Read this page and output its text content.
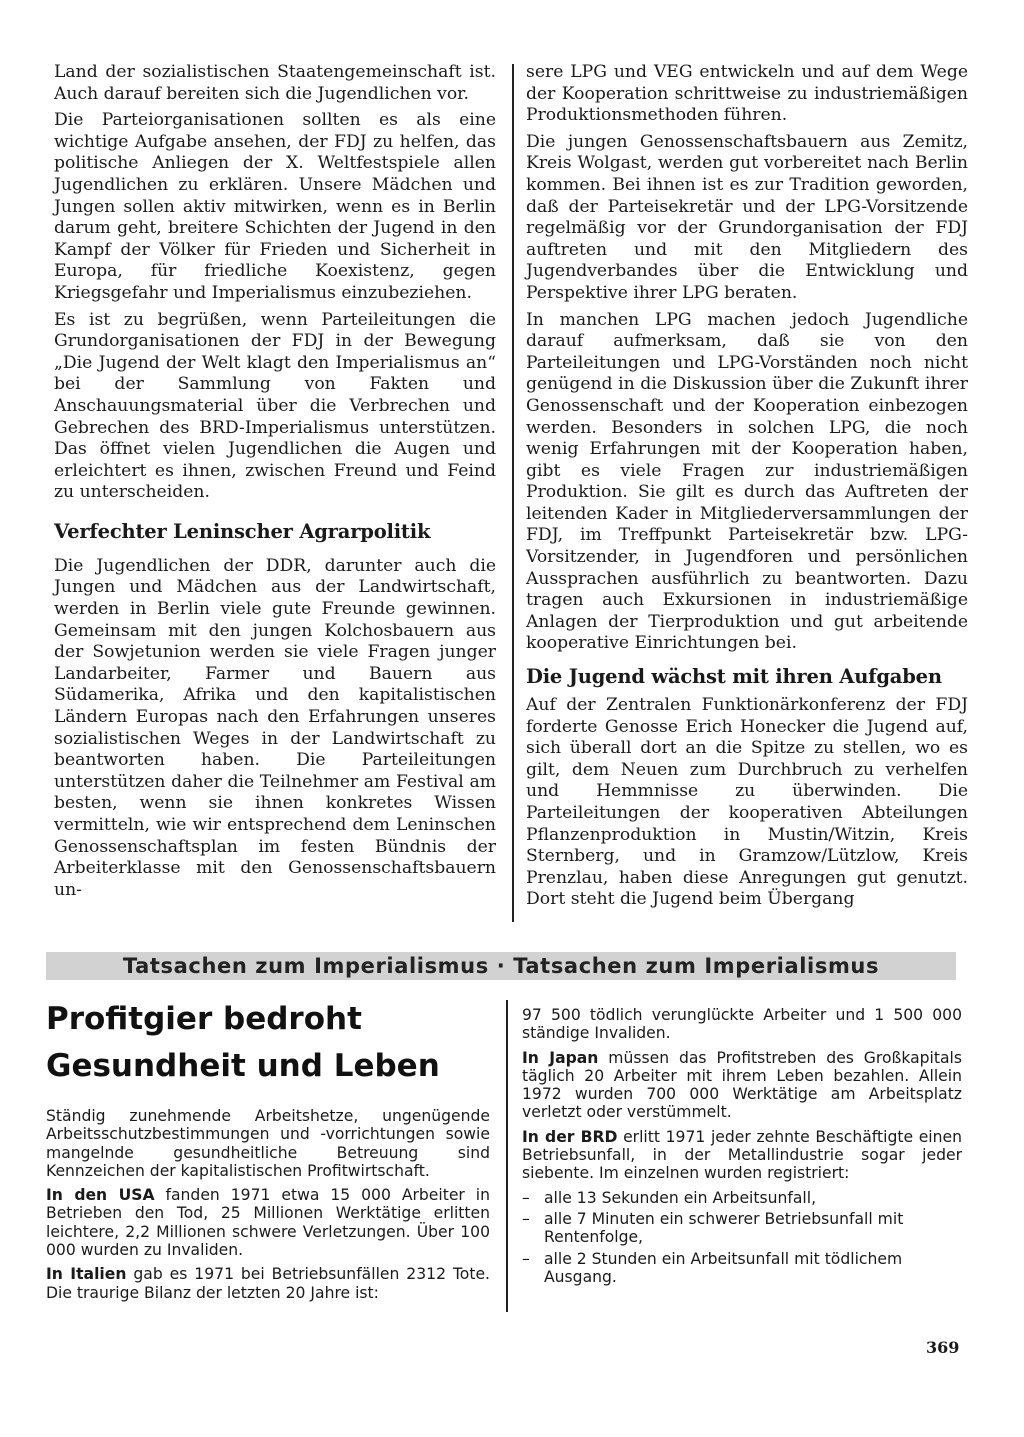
Land der sozialistischen Staatengemeinschaft ist. Auch darauf bereiten sich die Jugendlichen vor.

Die Parteiorganisationen sollten es als eine wichtige Aufgabe ansehen, der FDJ zu helfen, das politische Anliegen der X. Weltfestspiele allen Jugendlichen zu erklären. Unsere Mädchen und Jungen sollen aktiv mitwirken, wenn es in Berlin darum geht, breitere Schichten der Jugend in den Kampf der Völker für Frieden und Sicherheit in Europa, für friedliche Koexistenz, gegen Kriegsgefahr und Imperialismus einzubeziehen.

Es ist zu begrüßen, wenn Parteileitungen die Grundorganisationen der FDJ in der Bewegung „Die Jugend der Welt klagt den Imperialismus an“ bei der Sammlung von Fakten und Anschauungsmaterial über die Verbrechen und Gebrechen des BRD-Imperialismus unterstützen. Das öffnet vielen Jugendlichen die Augen und erleichtert es ihnen, zwischen Freund und Feind zu unterscheiden.

Verfechter Leninscher Agrarpolitik

Die Jugendlichen der DDR, darunter auch die Jungen und Mädchen aus der Landwirtschaft, werden in Berlin viele gute Freunde gewinnen. Gemeinsam mit den jungen Kolchosbauern aus der Sowjetunion werden sie viele Fragen junger Landarbeiter, Farmer und Bauern aus Südamerika, Afrika und den kapitalistischen Ländern Europas nach den Erfahrungen unseres sozialistischen Weges in der Landwirtschaft zu beantworten haben. Die Parteileitungen unterstützen daher die Teilnehmer am Festival am besten, wenn sie ihnen konkretes Wissen vermitteln, wie wir entsprechend dem Leninschen Genossenschaftsplan im festen Bündnis der Arbeiterklasse mit den Genossenschaftsbauern un-

sere LPG und VEG entwickeln und auf dem Wege der Kooperation schrittweise zu industriemäßigen Produktionsmethoden führen.

Die jungen Genossenschaftsbauern aus Zemitz, Kreis Wolgast, werden gut vorbereitet nach Berlin kommen. Bei ihnen ist es zur Tradition geworden, daß der Parteisekretär und der LPG-Vorsitzende regelmäßig vor der Grundorganisation der FDJ auftreten und mit den Mitgliedern des Jugendverbandes über die Entwicklung und Perspektive ihrer LPG beraten.

In manchen LPG machen jedoch Jugendliche darauf aufmerksam, daß sie von den Parteileitungen und LPG-Vorständen noch nicht genügend in die Diskussion über die Zukunft ihrer Genossenschaft und der Kooperation einbezogen werden. Besonders in solchen LPG, die noch wenig Erfahrungen mit der Kooperation haben, gibt es viele Fragen zur industriemäßigen Produktion. Sie gilt es durch das Auftreten der leitenden Kader in Mitgliederversammlungen der FDJ, im Treffpunkt Parteisekretär bzw. LPG-Vorsitzender, in Jugendforen und persönlichen Aussprachen ausführlich zu beantworten. Dazu tragen auch Exkursionen in industriemäßige Anlagen der Tierproduktion und gut arbeitende kooperative Einrichtungen bei.

Die Jugend wächst mit ihren Aufgaben

Auf der Zentralen Funktionärkonferenz der FDJ forderte Genosse Erich Honecker die Jugend auf, sich überall dort an die Spitze zu stellen, wo es gilt, dem Neuen zum Durchbruch zu verhelfen und Hemmnisse zu überwinden. Die Parteileitungen der kooperativen Abteilungen Pflanzenproduktion in Mustin/Witzin, Kreis Sternberg, und in Gramzow/Lützlow, Kreis Prenzlau, haben diese Anregungen gut genutzt. Dort steht die Jugend beim Übergang

Tatsachen zum Imperialismus · Tatsachen zum Imperialismus
Profitgier bedroht
Gesundheit und Leben

Ständig zunehmende Arbeitshetze, ungenügende Arbeitsschutzbestimmungen und -vorrichtungen sowie mangelnde gesundheitliche Betreuung sind Kennzeichen der kapitalistischen Profitwirtschaft.

In den USA fanden 1971 etwa 15 000 Arbeiter in Betrieben den Tod, 25 Millionen Werktätige erlitten leichtere, 2,2 Millionen schwere Verletzungen. Über 100 000 wurden zu Invaliden.

In Italien gab es 1971 bei Betriebsunfällen 2312 Tote. Die traurige Bilanz der letzten 20 Jahre ist:

97 500 tödlich verunglückte Arbeiter und 1 500 000 ständige Invaliden.

In Japan müssen das Profitstreben des Großkapitals täglich 20 Arbeiter mit ihrem Leben bezahlen. Allein 1972 wurden 700 000 Werktätige am Arbeitsplatz verletzt oder verstümmelt.

In der BRD erlitt 1971 jeder zehnte Beschäftigte einen Betriebsunfall, in der Metallindustrie sogar jeder siebente. Im einzelnen wurden registriert:

– alle 13 Sekunden ein Arbeitsunfall,
– alle 7 Minuten ein schwerer Betriebsunfall mit Rentenfolge,
– alle 2 Stunden ein Arbeitsunfall mit tödlichem Ausgang.
369
